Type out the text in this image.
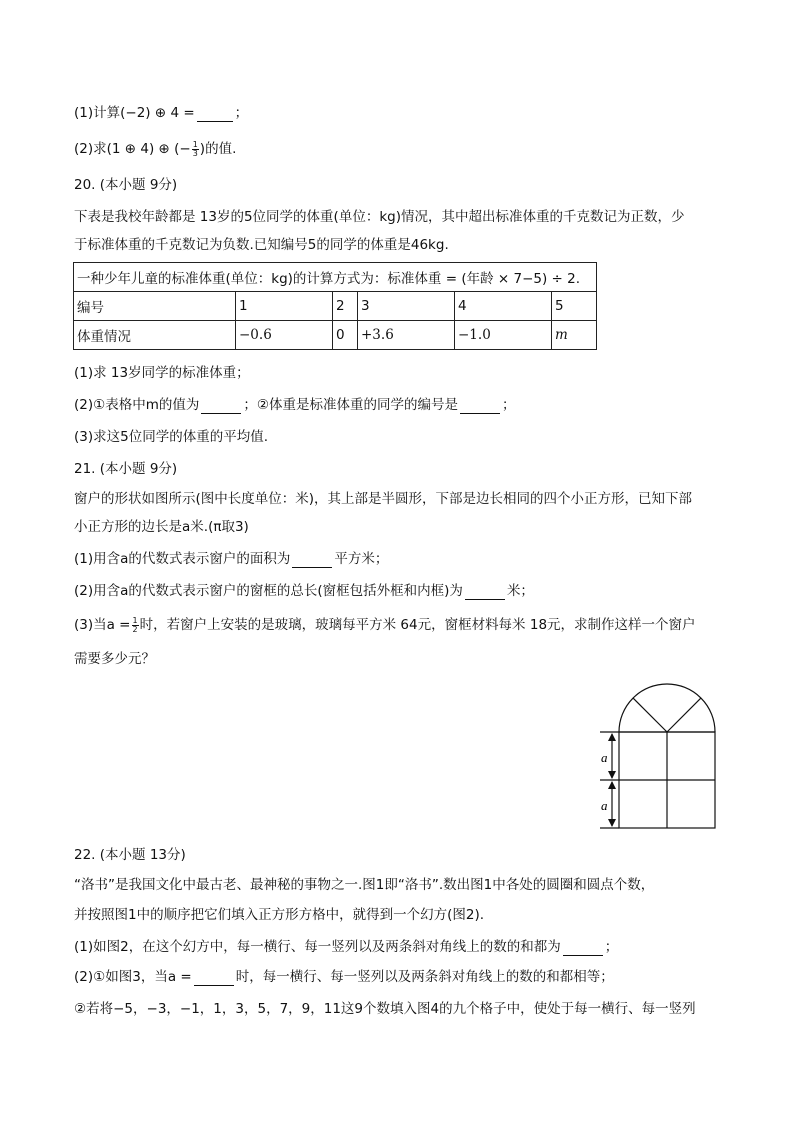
(1)计算(−2) ⊕ 4 =	；
(2)求(1 ⊕ 4) ⊕ (− $\frac{1}{3}$ )的值.
20. (本小题 9分)
下表是我校年龄都是 13岁的5位同学的体重(单位：kg)情况，其中超出标准体重的千克数记为正数，少
于标准体重的千克数记为负数.已知编号5的同学的体重是46kg.
一种少年儿童的标准体重(单位：kg)的计算方式为：标准体重 = (年龄 × 7−5) ÷ 2.					
编号	1	2	3	4	5
体重情况	−0.6	0	+3.6	−1.0	m
(1)求 13岁同学的标准体重；
(2)①表格中m的值为	；②体重是标准体重的同学的编号是	；
(3)求这5位同学的体重的平均值.
21. (本小题 9分)
窗户的形状如图所示(图中长度单位：米)，其上部是半圆形，下部是边长相同的四个小正方形，已知下部
小正方形的边长是a米.(π取3)
(1)用含a的代数式表示窗户的面积为	平方米；
(2)用含a的代数式表示窗户的窗框的总长(窗框包括外框和内框)为	米；
(3)当$a = \frac{1}{2}$ 时，若窗户上安装的是玻璃，玻璃每平方米 64元，窗框材料每米 18元，求制作这样一个窗户
需要多少元？
a
a
22. (本小题 13分)
“洛书”是我国文化中最古老、最神秘的事物之一.图1即“洛书”.数出图1中各处的圆圈和圆点个数，
并按照图1中的顺序把它们填入正方形方格中，就得到一个幻方(图2).
(1)如图2，在这个幻方中，每一横行、每一竖列以及两条斜对角线上的数的和都为	；
(2)①如图3，当a =	时，每一横行、每一竖列以及两条斜对角线上的数的和都相等；
②若将−5，−3，−1，1，3，5，7，9，11这9个数填入图4的九个格子中，使处于每一横行、每一竖列
